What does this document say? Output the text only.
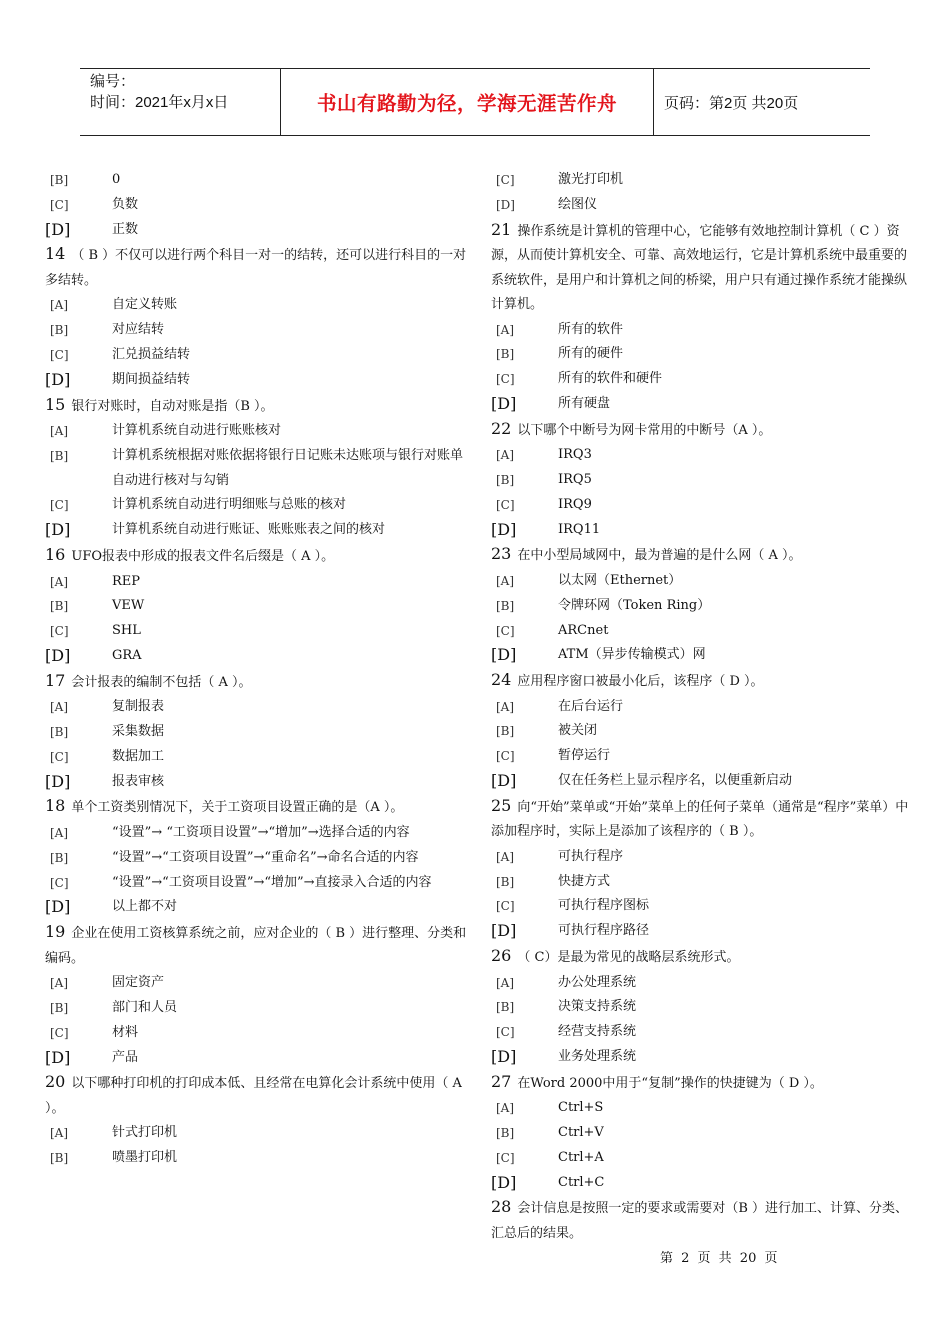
编号：
时间：2021年x月x日	书山有路勤为径，学海无涯苦作舟	页码：第2页 共20页
[B]	0
[C]	负数
[D]	正数
14 （ B ）不仅可以进行两个科目一对一的结转，还可以进行科目的一对多结转。
[A]	自定义转账
[B]	对应结转
[C]	汇兑损益结转
[D]	期间损益结转
15 银行对账时，自动对账是指（B ）。
[A]	计算机系统自动进行账账核对
[B]	计算机系统根据对账依据将银行日记账未达账项与银行对账单自动进行核对与勾销
[C]	计算机系统自动进行明细账与总账的核对
[D]	计算机系统自动进行账证、账账账表之间的核对
16 UFO报表中形成的报表文件名后缀是（ A ）。
[A]	REP
[B]	VEW
[C]	SHL
[D]	GRA
17 会计报表的编制不包括（ A ）。
[A]	复制报表
[B]	采集数据
[C]	数据加工
[D]	报表审核
18 单个工资类别情况下，关于工资项目设置正确的是（A ）。
[A]	“设置”→ “工资项目设置”→“增加”→选择合适的内容
[B]	“设置”→“工资项目设置”→“重命名”→命名合适的内容
[C]	“设置”→“工资项目设置”→“增加”→直接录入合适的内容
[D]	以上都不对
19 企业在使用工资核算系统之前，应对企业的（ B ）进行整理、分类和编码。
[A]	固定资产
[B]	部门和人员
[C]	材料
[D]	产品
20 以下哪种打印机的打印成本低、且经常在电算化会计系统中使用（ A ）。
[A]	针式打印机
[B]	喷墨打印机
[C]	激光打印机
[D]	绘图仪
21 操作系统是计算机的管理中心，它能够有效地控制计算机（ C ）资源，从而使计算机安全、可靠、高效地运行，它是计算机系统中最重要的系统软件，是用户和计算机之间的桥梁，用户只有通过操作系统才能操纵计算机。
[A]	所有的软件
[B]	所有的硬件
[C]	所有的软件和硬件
[D]	所有硬盘
22 以下哪个中断号为网卡常用的中断号（A ）。
[A]	IRQ3
[B]	IRQ5
[C]	IRQ9
[D]	IRQ11
23 在中小型局域网中，最为普遍的是什么网（ A ）。
[A]	以太网（Ethernet）
[B]	令牌环网（Token Ring）
[C]	ARCnet
[D]	ATM（异步传输模式）网
24 应用程序窗口被最小化后，该程序（ D ）。
[A]	在后台运行
[B]	被关闭
[C]	暂停运行
[D]	仅在任务栏上显示程序名，以便重新启动
25 向“开始”菜单或“开始”菜单上的任何子菜单（通常是“程序”菜单）中添加程序时，实际上是添加了该程序的（ B ）。
[A]	可执行程序
[B]	快捷方式
[C]	可执行程序图标
[D]	可执行程序路径
26 （ C）是最为常见的战略层系统形式。
[A]	办公处理系统
[B]	决策支持系统
[C]	经营支持系统
[D]	业务处理系统
27 在Word 2000中用于“复制”操作的快捷键为（ D ）。
[A]	Ctrl+S
[B]	Ctrl+V
[C]	Ctrl+A
[D]	Ctrl+C
28 会计信息是按照一定的要求或需要对（B ）进行加工、计算、分类、汇总后的结果。
第 2 页 共 20 页
